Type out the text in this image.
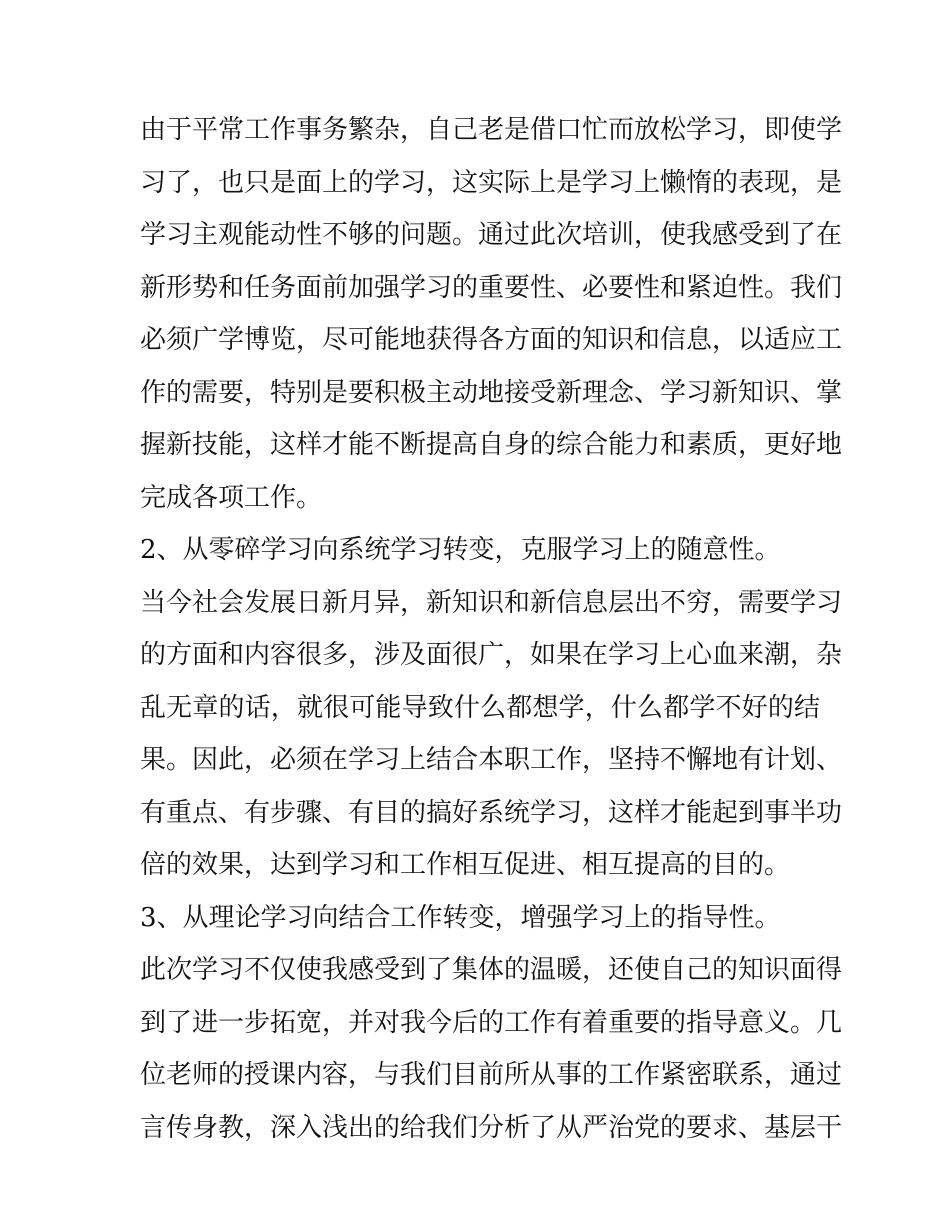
由于平常工作事务繁杂，自己老是借口忙而放松学习，即使学
习了，也只是面上的学习，这实际上是学习上懒惰的表现，是
学习主观能动性不够的问题。通过此次培训，使我感受到了在
新形势和任务面前加强学习的重要性、必要性和紧迫性。我们
必须广学博览，尽可能地获得各方面的知识和信息，以适应工
作的需要，特别是要积极主动地接受新理念、学习新知识、掌
握新技能，这样才能不断提高自身的综合能力和素质，更好地
完成各项工作。
2、从零碎学习向系统学习转变，克服学习上的随意性。
当今社会发展日新月异，新知识和新信息层出不穷，需要学习
的方面和内容很多，涉及面很广，如果在学习上心血来潮，杂
乱无章的话，就很可能导致什么都想学，什么都学不好的结
果。因此，必须在学习上结合本职工作，坚持不懈地有计划、
有重点、有步骤、有目的搞好系统学习，这样才能起到事半功
倍的效果，达到学习和工作相互促进、相互提高的目的。
3、从理论学习向结合工作转变，增强学习上的指导性。
此次学习不仅使我感受到了集体的温暖，还使自己的知识面得
到了进一步拓宽，并对我今后的工作有着重要的指导意义。几
位老师的授课内容，与我们目前所从事的工作紧密联系，通过
言传身教，深入浅出的给我们分析了从严治党的要求、基层干
